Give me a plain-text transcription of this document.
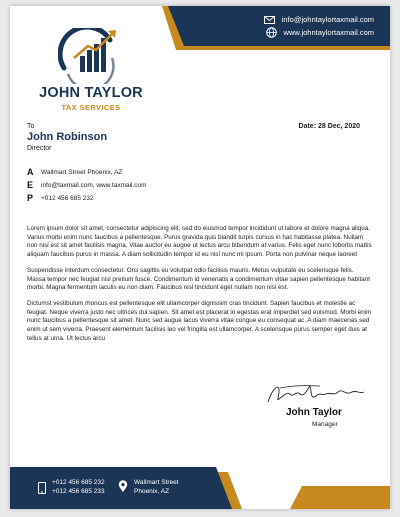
info@johntaylortaxmail.com
www.johntaylortaxmail.com
JOHN TAYLOR
TAX SERVICES
To
John Robinson
Director
Date: 28 Dec, 2020
A Wallmart Street Phoenix, AZ
E info@taxmail.com, www.taxmail.com
P +012 456 685 232

Lorem ipsum dolor sit amet, consectetur adipiscing elit, sed do eiusmod tempor incididunt ut labore et dolore magna aliqua. Varius morbi enim nunc faucibus a pellentesque. Purus gravida quis blandit turpis cursus in hac habitasse platea. Nullam non nisi est sit amet facilisis magna. Vitae auctor eu augue ut lectus arcu bibendum at varius. Felis eget nunc lobortis mattis aliquam faucibus purus in massa. A diam sollicitudin tempor id eu nisl nunc mi ipsum. Porta non pulvinar neque laoreet

Suspendisse interdum consectetur. Orci sagittis eu volutpat odio facilisis mauris. Metus vulputate eu scelerisque felis. Massa tempor nec feugiat nisl pretium fusce. Condimentum id venenatis a condimentum vitae sapien pellentesque habitant morbi. Magna fermentum iaculis eu non diam. Faucibus nisl tincidunt eget nullam non nisi est.

Dictumst vestibulum rhoncus est pellentesque elit ullamcorper dignissim cras tincidunt. Sapien faucibus et molestie ac feugiat. Neque viverra justo nec ultrices dui sapien. Sit amet est placerat in egestas erat imperdiet sed euismod. Morbi enim nunc faucibus a pellentesque sit amet. Nunc sed augue lacus viverra vitae congue eu consequat ac. A diam maecenas sed enim ut sem viverra. Praesent elementum facilisis leo vel fringilla est ullamcorper. A scelerisque purus semper eget duis at tellus at urna. Ut lectus arcu

John Taylor
Manager
+012 456 685 232
+012 456 685 233
Wallmart Street
Phoenix, AZ
